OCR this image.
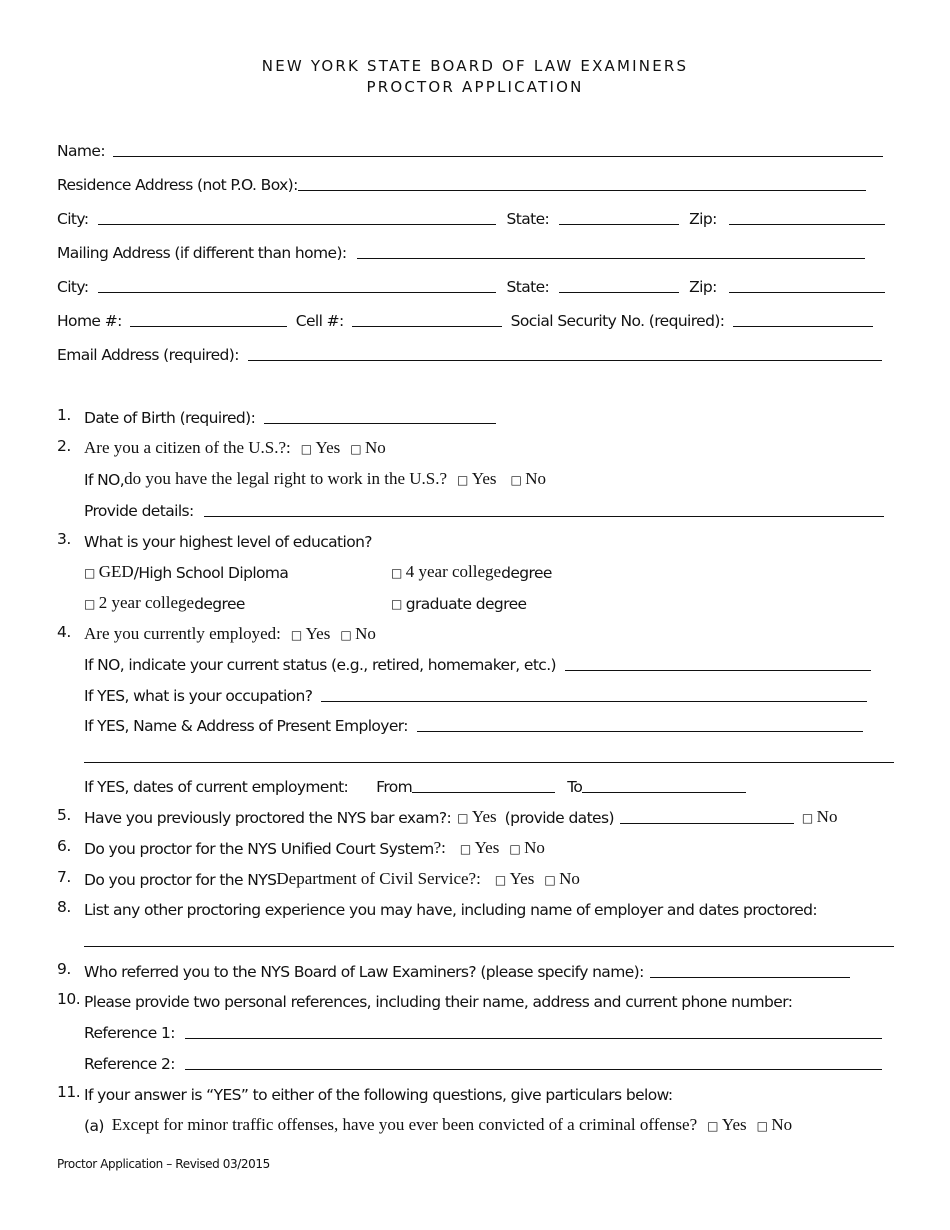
NEW YORK STATE BOARD OF LAW EXAMINERS
PROCTOR APPLICATION
Name:
Residence Address (not P.O. Box):
City:	State:	Zip:
Mailing Address (if different than home):
City:	State:	Zip:
Home #:	Cell #:	Social Security No. (required):
Email Address (required):
1. Date of Birth (required):
2. Are you a citizen of the U.S.?: □ Yes □ No
If NO, do you have the legal right to work in the U.S.? □ Yes □ No
Provide details:
3. What is your highest level of education?
□ GED /High School Diploma	□ 4 year college degree
□ 2 year college degree	□ graduate degree
4. Are you currently employed: □ Yes □ No
If NO, indicate your current status (e.g., retired, homemaker, etc.)
If YES, what is your occupation?
If YES, Name & Address of Present Employer:
If YES, dates of current employment: From	To
5. Have you previously proctored the NYS bar exam?: □ Yes (provide dates)	□ No
6. Do you proctor for the NYS Unified Court System ?: □ Yes □ No
7. Do you proctor for the NYS Department of Civil Service?: □ Yes □ No
8. List any other proctoring experience you may have, including name of employer and dates proctored:
9. Who referred you to the NYS Board of Law Examiners? (please specify name):
10. Please provide two personal references, including their name, address and current phone number:
Reference 1:
Reference 2:
11. If your answer is “YES” to either of the following questions, give particulars below:
(a) Except for minor traffic offenses, have you ever been convicted of a criminal offense? □ Yes □ No
Proctor Application – Revised 03/2015
